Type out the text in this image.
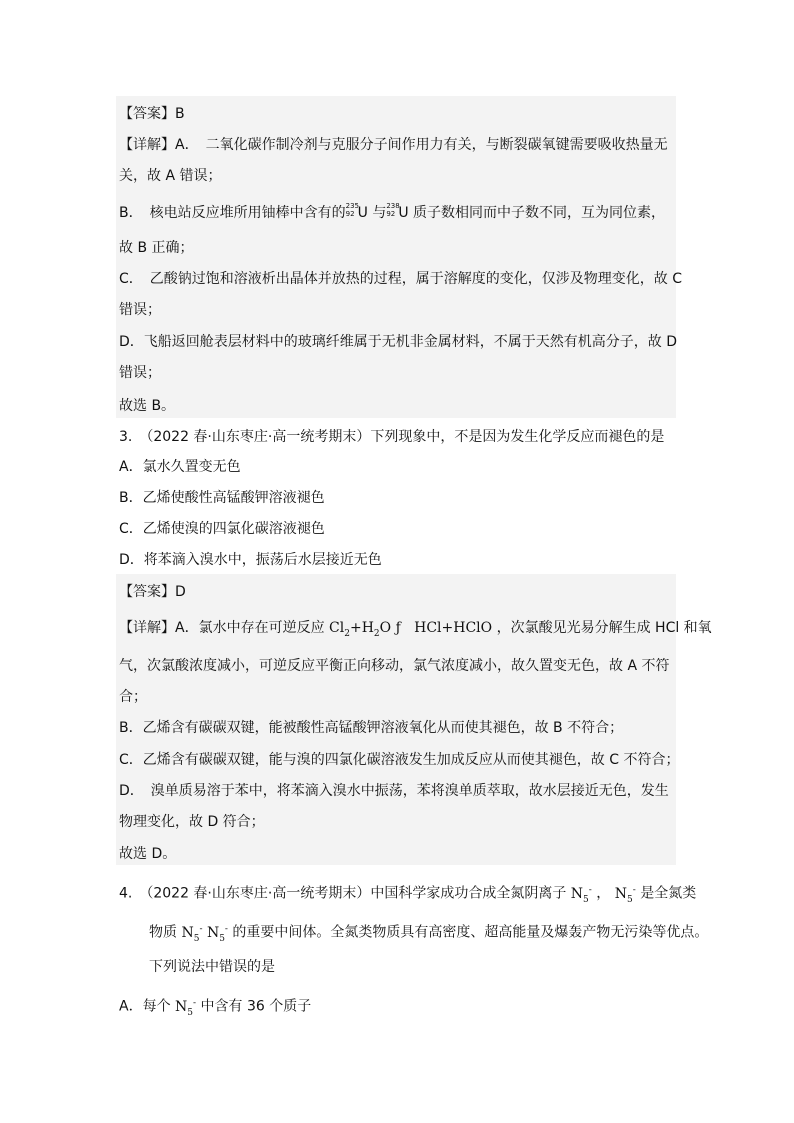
【答案】B
【详解】A．　二氧化碳作制冷剂与克服分子间作用力有关，与断裂碳氧键需要吸收热量无
关，故 A 错误；
B．　核电站反应堆所用铀棒中含有的 235
92 U 与 238
92 U 质子数相同而中子数不同，互为同位素，
故 B 正确；
C．　乙酸钠过饱和溶液析出晶体并放热的过程，属于溶解度的变化，仅涉及物理变化，故 C
错误；
D．飞船返回舱表层材料中的玻璃纤维属于无机非金属材料，不属于天然有机高分子，故 D
错误；
故选 B。
3.　（2022 春·山东枣庄·高一统考期末）下列现象中，不是因为发生化学反应而褪色的是
A．氯水久置变无色
B．乙烯使酸性高锰酸钾溶液褪色
C．乙烯使溴的四氯化碳溶液褪色
D．将苯滴入溴水中，振荡后水层接近无色
【答案】D
【详解】A．氯水中存在可逆反应 $Cl_2+H_2O$ ƒ HCl+HClO ，次氯酸见光易分解生成 HCl 和氧
气，次氯酸浓度减小，可逆反应平衡正向移动，氯气浓度减小，故久置变无色，故 A 不符
合；
B．乙烯含有碳碳双键，能被酸性高锰酸钾溶液氧化从而使其褪色，故 B 不符合；
C．乙烯含有碳碳双键，能与溴的四氯化碳溶液发生加成反应从而使其褪色，故 C 不符合；
D．　溴单质易溶于苯中，将苯滴入溴水中振荡，苯将溴单质萃取，故水层接近无色，发生
物理变化，故 D 符合；
故选 D。
4.　（2022 春·山东枣庄·高一统考期末）中国科学家成功合成全氮阴离子 $N_5^-$ ， $N_5^-$ 是全氮类
物质 $N_5^-$ $N_5^-$ 的重要中间体。全氮类物质具有高密度、超高能量及爆轰产物无污染等优点。
下列说法中错误的是
A．每个 $N_5^-$ 中含有 36 个质子
